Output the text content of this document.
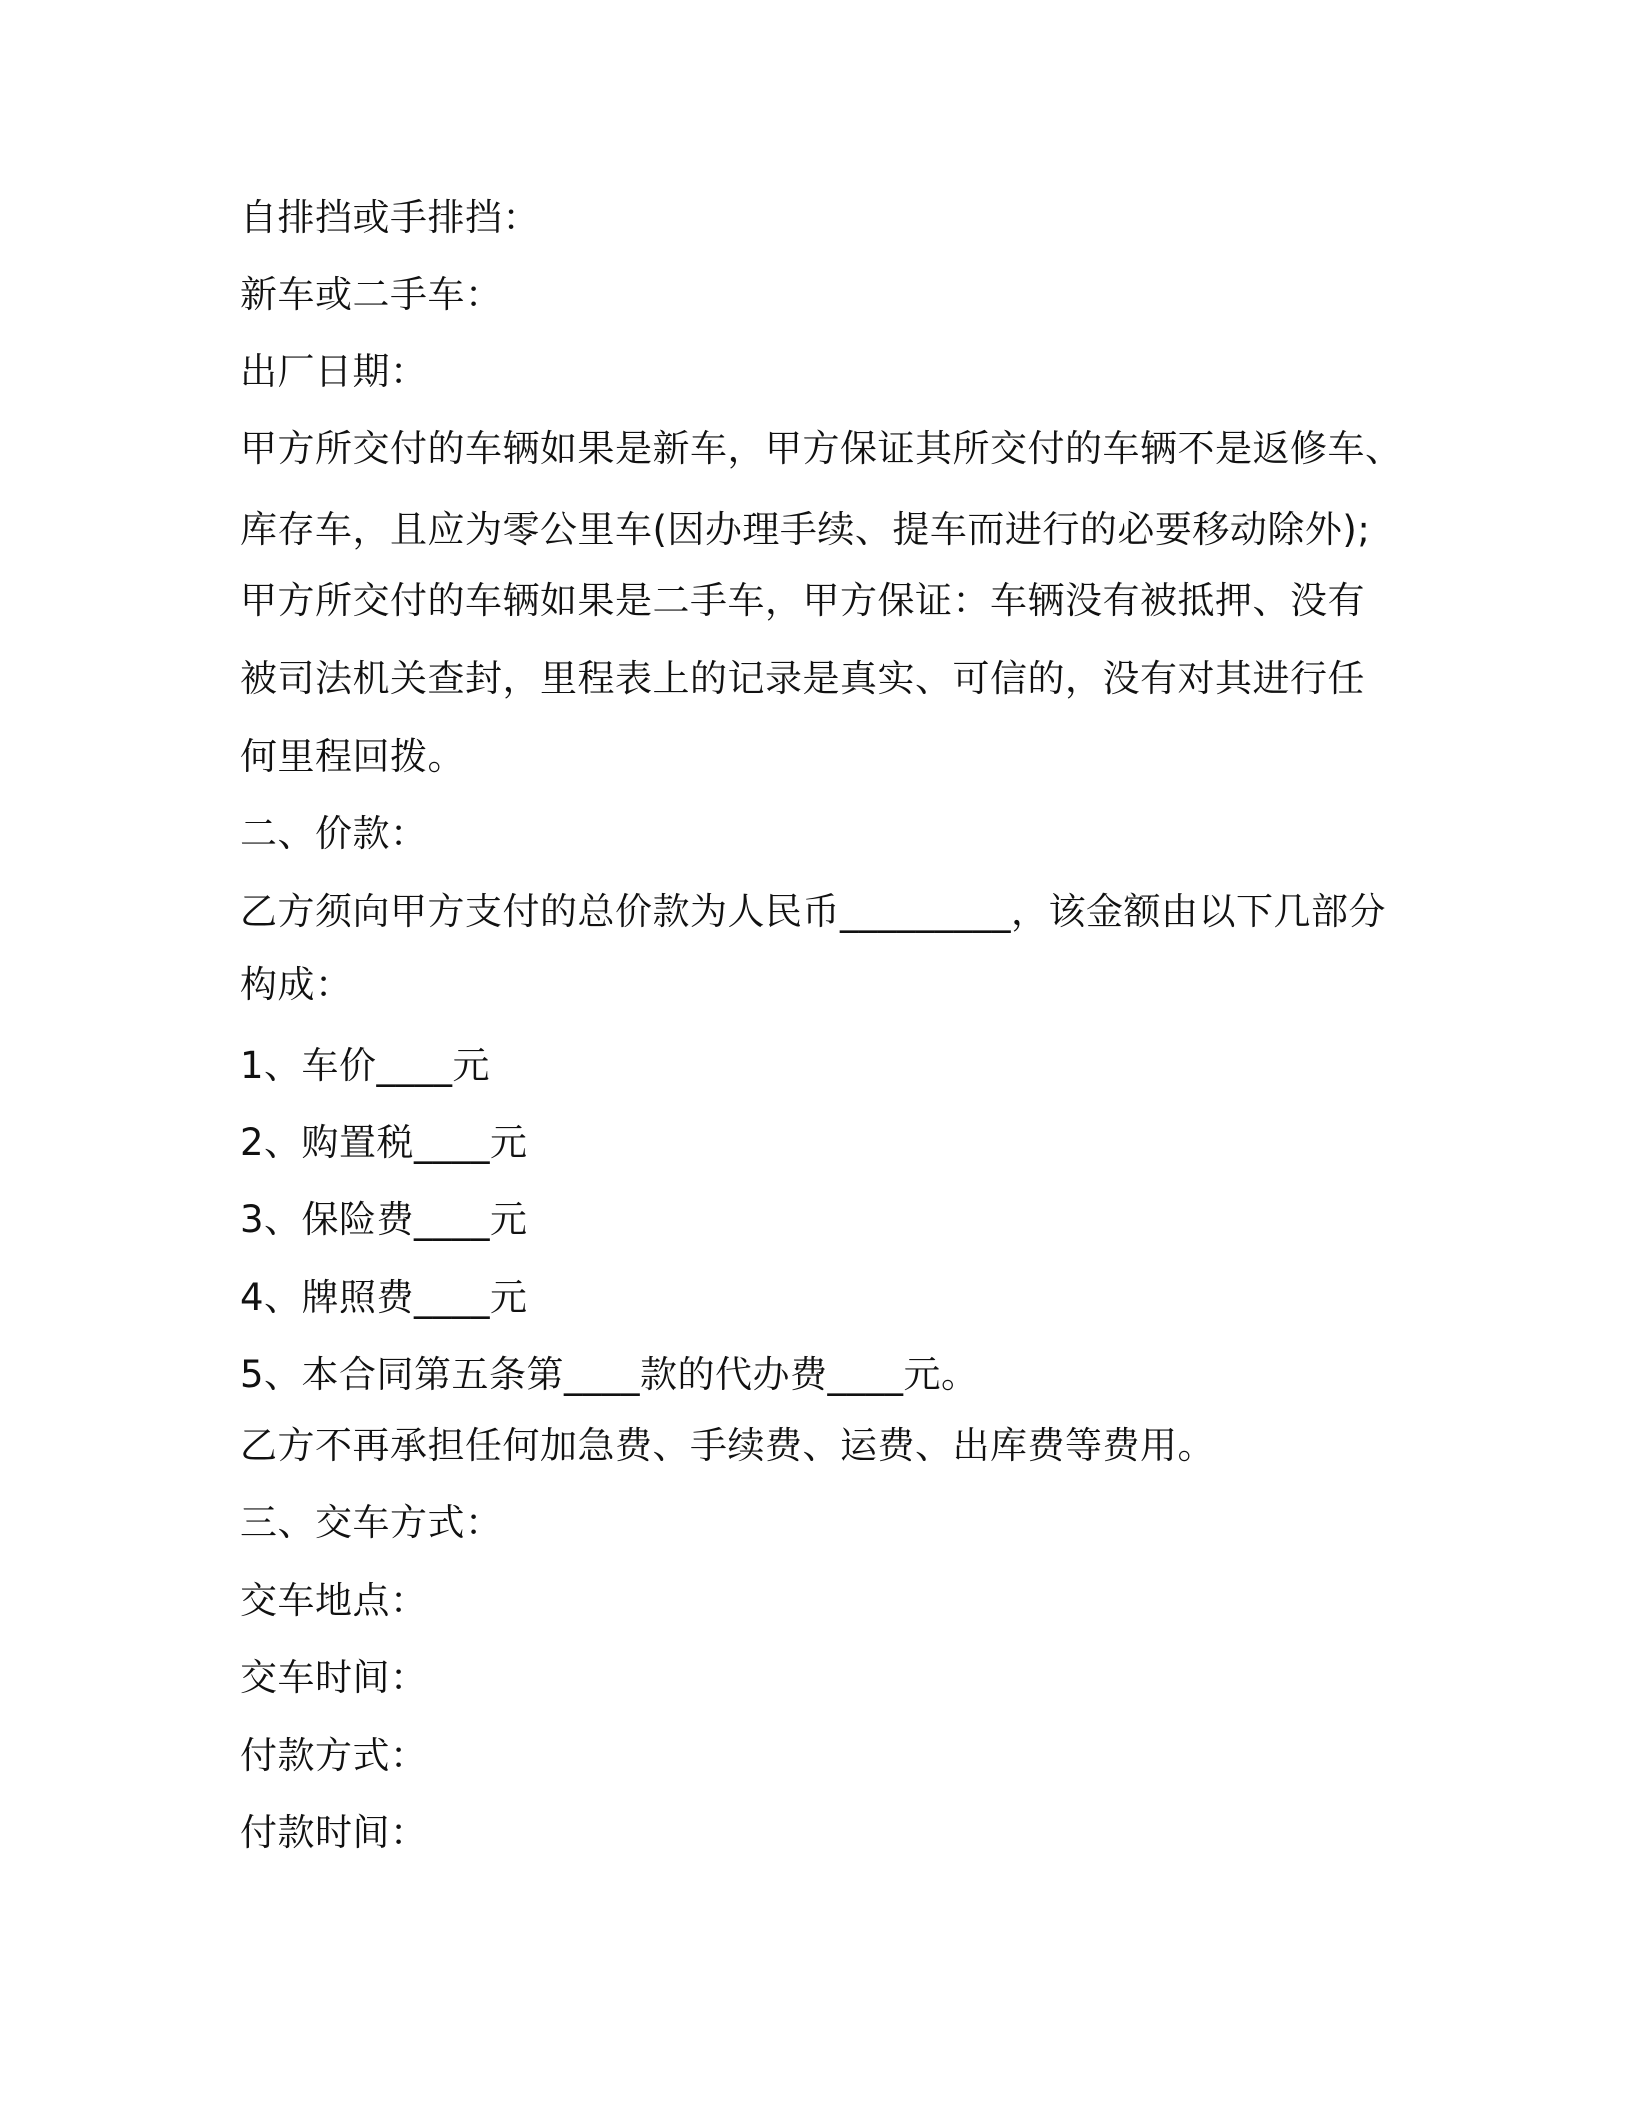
自排挡或手排挡：
新车或二手车：
出厂日期：
甲方所交付的车辆如果是新车，甲方保证其所交付的车辆不是返修车、
库存车，且应为零公里车(因办理手续、提车而进行的必要移动除外);
甲方所交付的车辆如果是二手车，甲方保证：车辆没有被抵押、没有
被司法机关查封，里程表上的记录是真实、可信的，没有对其进行任
何里程回拨。
二、价款：
乙方须向甲方支付的总价款为人民币_________，该金额由以下几部分
构成：
1、车价____元
2、购置税____元
3、保险费____元
4、牌照费____元
5、本合同第五条第____款的代办费____元。
乙方不再承担任何加急费、手续费、运费、出库费等费用。
三、交车方式：
交车地点：
交车时间：
付款方式：
付款时间：
